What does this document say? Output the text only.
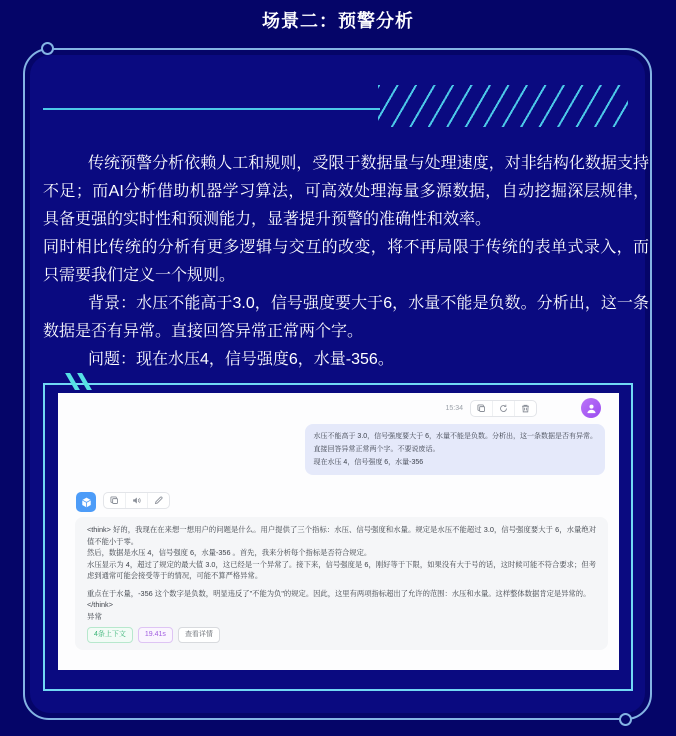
场景二：预警分析

传统预警分析依赖人工和规则，受限于数据量与处理速度，对非结构化数据支持不足；而AI分析借助机器学习算法，可高效处理海量多源数据，自动挖掘深层规律，具备更强的实时性和预测能力，显著提升预警的准确性和效率。

同时相比传统的分析有更多逻辑与交互的改变，将不再局限于传统的表单式录入，而只需要我们定义一个规则。

背景：水压不能高于3.0，信号强度要大于6，水量不能是负数。分析出，这一条数据是否有异常。直接回答异常正常两个字。

问题：现在水压4，信号强度6，水量-356。

15:34
水压不能高于 3.0，信号强度要大于 6，水量不能是负数。分析出，这一条数据是否有异常。
直接回答异常正常两个字。不要说废话。
现在水压 4，信号强度 6，水量-356

<think> 好的，我现在在来想一想用户的问题是什么。用户提供了三个指标：水压、信号强度和水量。规定是水压不能超过 3.0，信号强度要大于 6，水量绝对值不能小于零。

然后，数据是水压 4，信号强度 6，水量-356 。首先，我来分析每个指标是否符合规定。

水压显示为 4，超过了规定的最大值 3.0，这已经是一个异常了。接下来，信号强度是 6，刚好等于下限，如果没有大于号的话，这时候可能不符合要求；但考虑到通常可能会接受等于的情况，可能不算严格异常。

重点在于水量，-356 这个数字是负数，明显违反了"不能为负"的规定。因此，这里有两项指标超出了允许的范围：水压和水量。这样整体数据肯定是异常的。

</think>

异常

4条上下文	19.41s	查看详情
